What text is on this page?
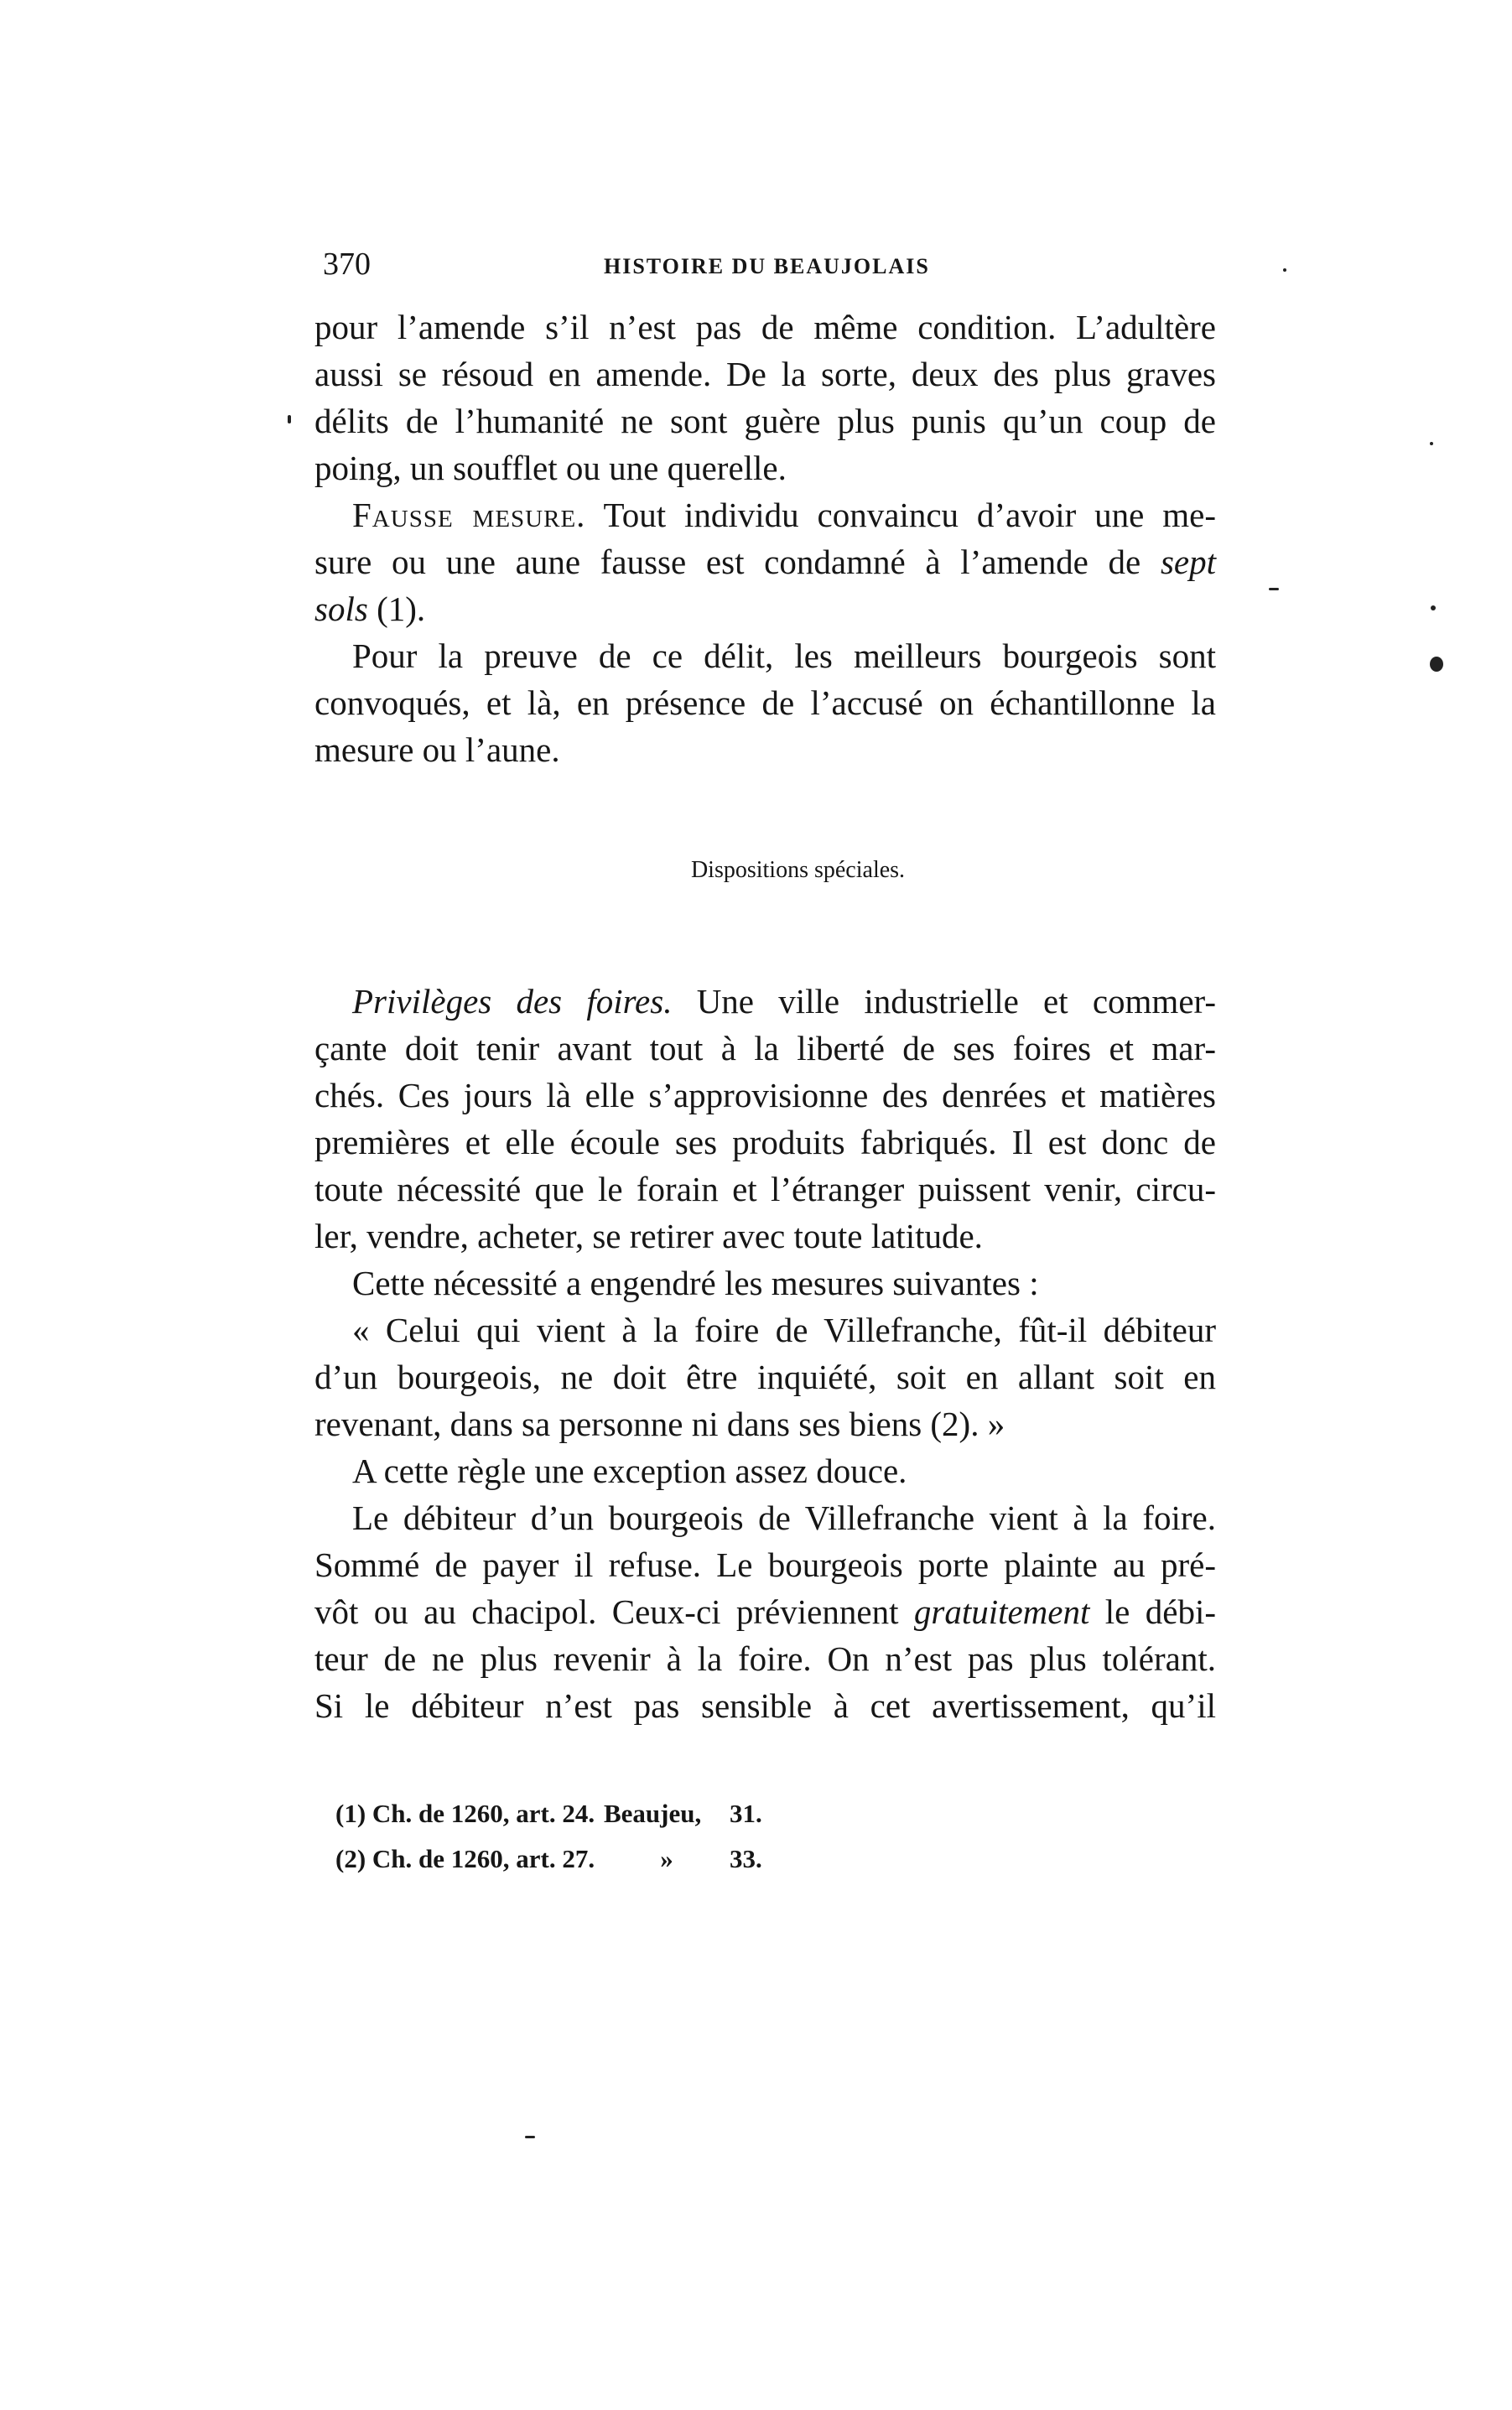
370	HISTOIRE DU BEAUJOLAIS
pour l’amende s’il n’est pas de même condition. L’adultère
aussi se résoud en amende. De la sorte, deux des plus graves
délits de l’humanité ne sont guère plus punis qu’un coup de
poing, un soufflet ou une querelle.
Fausse mesure. Tout individu convaincu d’avoir une me-
sure ou une aune fausse est condamné à l’amende de sept
sols (1).
Pour la preuve de ce délit, les meilleurs bourgeois sont
convoqués, et là, en présence de l’accusé on échantillonne la
mesure ou l’aune.
Dispositions spéciales.
Privilèges des foires. Une ville industrielle et commer-
çante doit tenir avant tout à la liberté de ses foires et mar-
chés. Ces jours là elle s’approvisionne des denrées et matières
premières et elle écoule ses produits fabriqués. Il est donc de
toute nécessité que le forain et l’étranger puissent venir, circu-
ler, vendre, acheter, se retirer avec toute latitude.
Cette nécessité a engendré les mesures suivantes :
« Celui qui vient à la foire de Villefranche, fût-il débiteur
d’un bourgeois, ne doit être inquiété, soit en allant soit en
revenant, dans sa personne ni dans ses biens (2). »
A cette règle une exception assez douce.
Le débiteur d’un bourgeois de Villefranche vient à la foire.
Sommé de payer il refuse. Le bourgeois porte plainte au pré-
vôt ou au chacipol. Ceux-ci préviennent gratuitement le débi-
teur de ne plus revenir à la foire. On n’est pas plus tolérant.
Si le débiteur n’est pas sensible à cet avertissement, qu’il
(1) Ch. de 1260, art. 24. Beaujeu, 31.
(2) Ch. de 1260, art. 27.	» 33.
